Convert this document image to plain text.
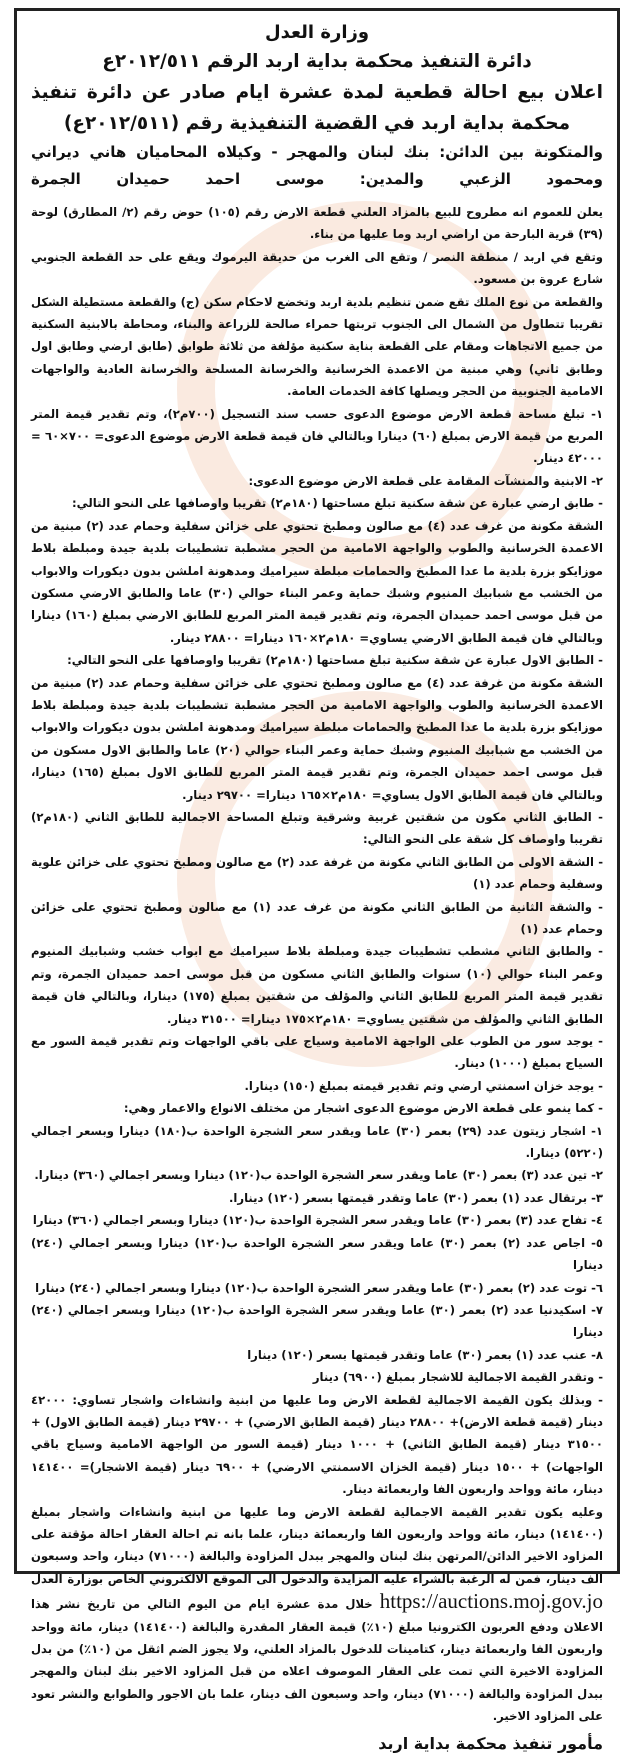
وزارة العدل
دائرة التنفيذ محكمة بداية اربد الرقم ٢٠١٢/٥١١ع
اعلان بيع احالة قطعية لمدة عشرة ايام صادر عن دائرة تنفيذ محكمة بداية اربد في القضية التنفيذية رقم (٢٠١٢/٥١١ع)
والمتكونة بين الدائن: بنك لبنان والمهجر - وكيلاه المحاميان هاني ديراني ومحمود الزعبي والمدين: موسى احمد حميدان الجمرة

يعلن للعموم انه مطروح للبيع بالمزاد العلني قطعة الارض رقم (١٠٥) حوض رقم (٢/ المطارق) لوحة (٣٩) قرية البارحة من اراضي اربد وما عليها من بناء.

وتقع في اربد / منطقة النصر / وتقع الى الغرب من حديقة اليرموك ويقع على حد القطعة الجنوبي شارع عروة بن مسعود.

والقطعة من نوع الملك تقع ضمن تنظيم بلدية اربد وتخضع لاحكام سكن (ج) والقطعة مستطيلة الشكل تقريبا تتطاول من الشمال الى الجنوب تربتها حمراء صالحة للزراعة والبناء، ومحاطة بالابنية السكنية من جميع الاتجاهات ومقام على القطعة بناية سكنية مؤلفة من ثلاثة طوابق (طابق ارضي وطابق اول وطابق ثاني) وهي مبنية من الاعمدة الخرسانية والخرسانة المسلحة والخرسانة العادية والواجهات الامامية الجنوبية من الحجر ويصلها كافة الخدمات العامة.

١- تبلغ مساحة قطعة الارض موضوع الدعوى حسب سند التسجيل (٧٠٠م٢)، وتم تقدير قيمة المتر المربع من قيمة الارض بمبلغ (٦٠) دينارا وبالتالي فان قيمة قطعة الارض موضوع الدعوى= ٧٠٠×٦٠ = ٤٢٠٠٠ دينار.

٢- الابنية والمنشآت المقامة على قطعة الارض موضوع الدعوى:

- طابق ارضي عبارة عن شقة سكنية تبلغ مساحتها (١٨٠م٢) تقريبا واوصافها على النحو التالي:

الشقة مكونة من غرف عدد (٤) مع صالون ومطبخ تحتوي على خزائن سفلية وحمام عدد (٢) مبنية من الاعمدة الخرسانية والطوب والواجهة الامامية من الحجر مشطبة تشطيبات بلدية جيدة ومبلطة بلاط موزايكو بزرة بلدية ما عدا المطبخ والحمامات مبلطة سيراميك ومدهونة املشن بدون ديكورات والابواب من الخشب مع شبابيك المنيوم وشبك حماية وعمر البناء حوالي (٣٠) عاما والطابق الارضي مسكون من قبل موسى احمد حميدان الجمرة، وتم تقدير قيمة المتر المربع للطابق الارضي بمبلغ (١٦٠) دينارا وبالتالي فان قيمة الطابق الارضي يساوي= ١٨٠م٢×١٦٠ دينارا= ٢٨٨٠٠ دينار.

- الطابق الاول عبارة عن شقة سكنية تبلغ مساحتها (١٨٠م٢) تقريبا واوصافها على النحو التالي:

الشقة مكونة من غرفة عدد (٤) مع صالون ومطبخ تحتوي على خزائن سفلية وحمام عدد (٢) مبنية من الاعمدة الخرسانية والطوب والواجهة الامامية من الحجر مشطبة تشطيبات بلدية جيدة ومبلطة بلاط موزايكو بزرة بلدية ما عدا المطبخ والحمامات مبلطة سيراميك ومدهونة املشن بدون ديكورات والابواب من الخشب مع شبابيك المنيوم وشبك حماية وعمر البناء حوالي (٢٠) عاما والطابق الاول مسكون من قبل موسى احمد حميدان الجمرة، وتم تقدير قيمة المتر المربع للطابق الاول بمبلغ (١٦٥) دينارا، وبالتالي فان قيمة الطابق الاول يساوي= ١٨٠م٢×١٦٥ دينارا= ٢٩٧٠٠ دينار.

- الطابق الثاني مكون من شقتين غربية وشرقية وتبلغ المساحة الاجمالية للطابق الثاني (١٨٠م٢) تقريبا واوصاف كل شقة على النحو التالي:

- الشقة الاولى من الطابق الثاني مكونة من غرفة عدد (٢) مع صالون ومطبخ تحتوي على خزائن علوية وسفلية وحمام عدد (١)

- والشقة الثانية من الطابق الثاني مكونة من غرف عدد (١) مع صالون ومطبخ تحتوي على خزائن وحمام عدد (١)

- والطابق الثاني مشطب تشطيبات جيدة ومبلطة بلاط سيراميك مع ابواب خشب وشبابيك المنيوم وعمر البناء حوالي (١٠) سنوات والطابق الثاني مسكون من قبل موسى احمد حميدان الجمرة، وتم تقدير قيمة المتر المربع للطابق الثاني والمؤلف من شقتين بمبلغ (١٧٥) دينارا، وبالتالي فان قيمة الطابق الثاني والمؤلف من شقتين يساوي= ١٨٠م٢×١٧٥ دينارا= ٣١٥٠٠ دينار.

- يوجد سور من الطوب على الواجهة الامامية وسياج على باقي الواجهات وتم تقدير قيمة السور مع السياج بمبلغ (١٠٠٠) دينار.

- يوجد خزان اسمنتي ارضي وتم تقدير قيمته بمبلغ (١٥٠) دينارا.

- كما ينمو على قطعة الارض موضوع الدعوى اشجار من مختلف الانواع والاعمار وهي:

١- اشجار زيتون عدد (٢٩) بعمر (٣٠) عاما ويقدر سعر الشجرة الواحدة ب(١٨٠) دينارا وبسعر اجمالي (٥٢٢٠) دينارا.

٢- تين عدد (٣) بعمر (٣٠) عاما ويقدر سعر الشجرة الواحدة ب(١٢٠) دينارا وبسعر اجمالي (٣٦٠) دينارا.

٣- برتقال عدد (١) بعمر (٣٠) عاما وتقدر قيمتها بسعر (١٢٠) دينارا.

٤- تفاح عدد (٣) بعمر (٣٠) عاما ويقدر سعر الشجرة الواحدة ب(١٢٠) دينارا وبسعر اجمالي (٣٦٠) دينارا

٥- اجاص عدد (٢) بعمر (٣٠) عاما ويقدر سعر الشجرة الواحدة ب(١٢٠) دينارا وبسعر اجمالي (٢٤٠) دينارا

٦- توت عدد (٢) بعمر (٣٠) عاما ويقدر سعر الشجرة الواحدة ب(١٢٠) دينارا وبسعر اجمالي (٢٤٠) دينارا

٧- اسكيدنيا عدد (٢) بعمر (٣٠) عاما ويقدر سعر الشجرة الواحدة ب(١٢٠) دينارا وبسعر اجمالي (٢٤٠) دينارا

٨- عنب عدد (١) بعمر (٣٠) عاما وتقدر قيمتها بسعر (١٢٠) دينارا

- وتقدر القيمة الاجمالية للاشجار بمبلغ (٦٩٠٠) دينار

- وبذلك يكون القيمة الاجمالية لقطعة الارض وما عليها من ابنية وانشاءات واشجار تساوي: ٤٢٠٠٠ دينار (قيمة قطعة الارض)+ ٢٨٨٠٠ دينار (قيمة الطابق الارضي) + ٢٩٧٠٠ دينار (قيمة الطابق الاول) + ٣١٥٠٠ دينار (قيمة الطابق الثاني) + ١٠٠٠ دينار (قيمة السور من الواجهة الامامية وسياج باقي الواجهات) + ١٥٠٠ دينار (قيمة الخزان الاسمنتي الارضي) + ٦٩٠٠ دينار (قيمة الاشجار)= ١٤١٤٠٠ دينار، مائة وواحد واربعون الفا واربعمائة دينار.

وعليه يكون تقدير القيمة الاجمالية لقطعة الارض وما عليها من ابنية وانشاءات واشجار بمبلغ (١٤١٤٠٠) دينار، مائة وواحد واربعون الفا واربعمائة دينار، علما بانه تم احالة العقار احالة مؤقتة على المزاود الاخير الدائن/المرتهن بنك لبنان والمهجر ببدل المزاودة والبالغة (٧١٠٠٠) دينار، واحد وسبعون الف دينار، فمن له الرغبة بالشراء عليه المزايدة والدخول الى الموقع الالكتروني الخاص بوزارة العدل https://auctions.moj.gov.jo خلال مدة عشرة ايام من اليوم التالي من تاريخ نشر هذا الاعلان ودفع العربون الكترونيا مبلغ (١٠٪) قيمة العقار المقدرة والبالغة (١٤١٤٠٠) دينار، مائة وواحد واربعون الفا واربعمائة دينار، كتامينات للدخول بالمزاد العلني، ولا يجوز الضم اثقل من (١٠٪) من بدل المزاودة الاخيرة التي تمت على العقار الموصوف اعلاه من قبل المزاود الاخير بنك لبنان والمهجر ببدل المزاودة والبالغة (٧١٠٠٠) دينار، واحد وسبعون الف دينار، علما بان الاجور والطوابع والنشر تعود على المزاود الاخير.

مأمور تنفيذ محكمة بداية اربد
